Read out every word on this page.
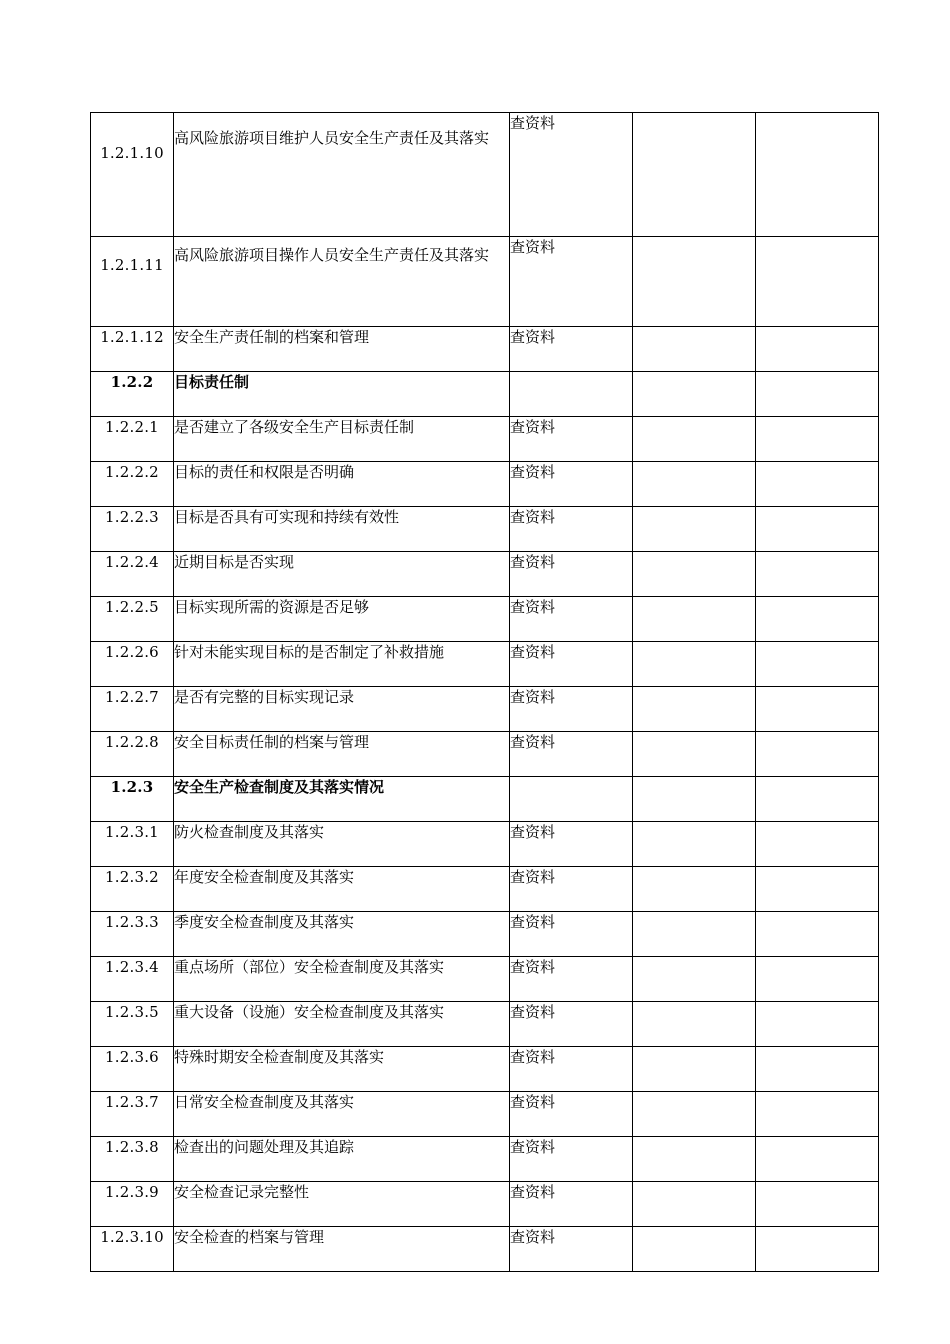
1.2.1.10	高风险旅游项目维护人员安全生产责任及其落实	查资料		
1.2.1.11	高风险旅游项目操作人员安全生产责任及其落实	查资料		
1.2.1.12	安全生产责任制的档案和管理	查资料		
1.2.2	目标责任制			
1.2.2.1	是否建立了各级安全生产目标责任制	查资料		
1.2.2.2	目标的责任和权限是否明确	查资料		
1.2.2.3	目标是否具有可实现和持续有效性	查资料		
1.2.2.4	近期目标是否实现	查资料		
1.2.2.5	目标实现所需的资源是否足够	查资料		
1.2.2.6	针对未能实现目标的是否制定了补救措施	查资料		
1.2.2.7	是否有完整的目标实现记录	查资料		
1.2.2.8	安全目标责任制的档案与管理	查资料		
1.2.3	安全生产检查制度及其落实情况			
1.2.3.1	防火检查制度及其落实	查资料		
1.2.3.2	年度安全检查制度及其落实	查资料		
1.2.3.3	季度安全检查制度及其落实	查资料		
1.2.3.4	重点场所（部位）安全检查制度及其落实	查资料		
1.2.3.5	重大设备（设施）安全检查制度及其落实	查资料		
1.2.3.6	特殊时期安全检查制度及其落实	查资料		
1.2.3.7	日常安全检查制度及其落实	查资料		
1.2.3.8	检查出的问题处理及其追踪	查资料		
1.2.3.9	安全检查记录完整性	查资料		
1.2.3.10	安全检查的档案与管理	查资料		
